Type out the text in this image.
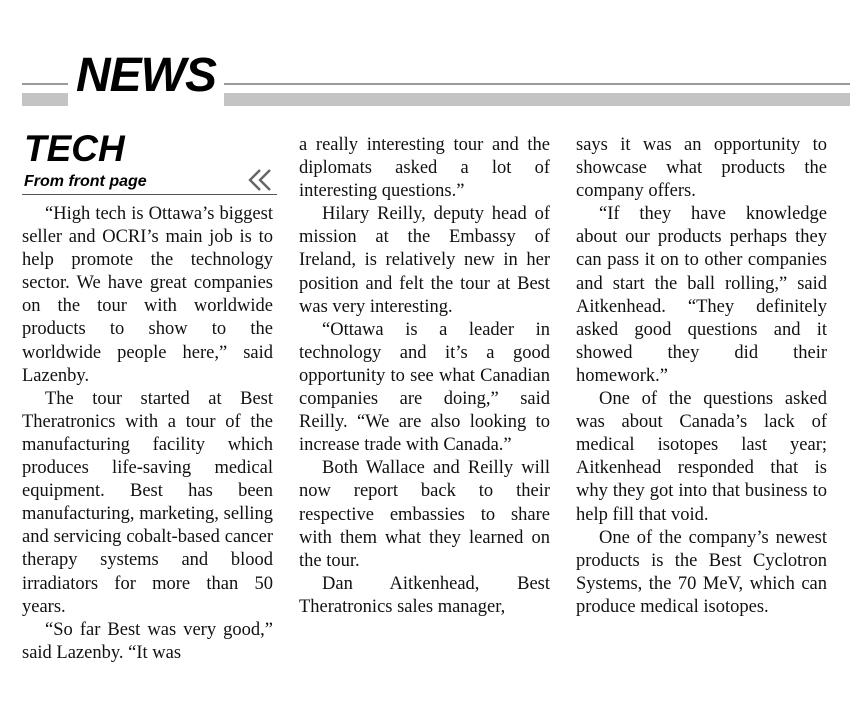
NEWS
TECH
From front page

“High tech is Ottawa’s biggest seller and OCRI’s main job is to help promote the technology sector. We have great companies on the tour with worldwide products to show to the worldwide people here,” said Lazenby.

The tour started at Best Theratronics with a tour of the manufacturing facility which produces life-saving medical equipment. Best has been manufacturing, marketing, selling and servicing cobalt-based cancer therapy systems and blood irradiators for more than 50 years.

“So far Best was very good,” said Lazenby. “It was

a really interesting tour and the diplomats asked a lot of interesting questions.”

Hilary Reilly, deputy head of mission at the Embassy of Ireland, is relatively new in her position and felt the tour at Best was very interesting.

“Ottawa is a leader in technology and it’s a good opportunity to see what Canadian companies are doing,” said Reilly. “We are also looking to increase trade with Canada.”

Both Wallace and Reilly will now report back to their respective embassies to share with them what they learned on the tour.

Dan Aitkenhead, Best Theratronics sales manager,

says it was an opportunity to showcase what products the company offers.

“If they have knowledge about our products perhaps they can pass it on to other companies and start the ball rolling,” said Aitkenhead. “They definitely asked good questions and it showed they did their homework.”

One of the questions asked was about Canada’s lack of medical isotopes last year; Aitkenhead responded that is why they got into that business to help fill that void.

One of the company’s newest products is the Best Cyclotron Systems, the 70 MeV, which can produce medical isotopes.
